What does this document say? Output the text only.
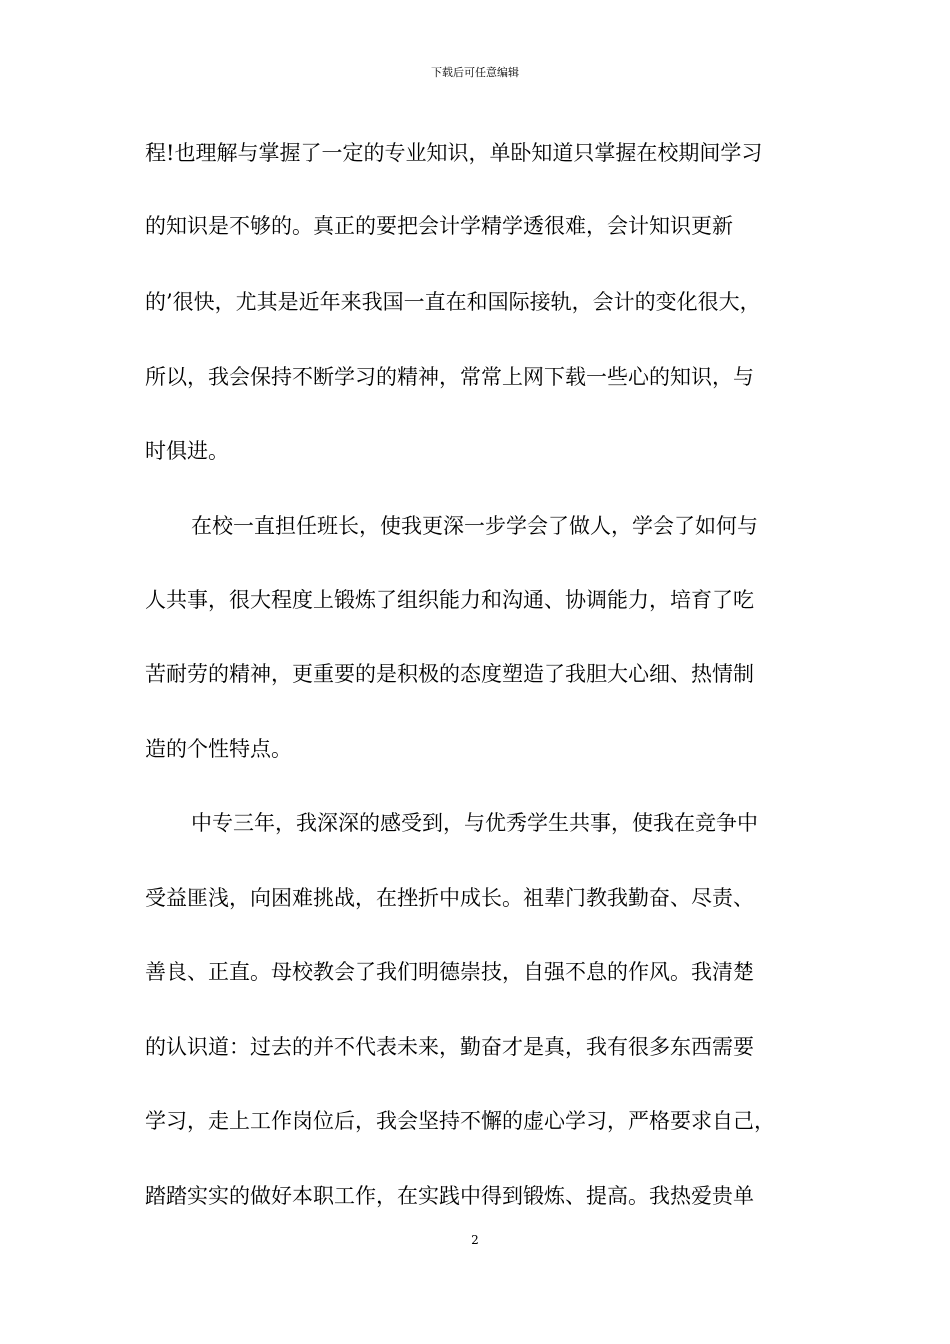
下载后可任意编辑
程!也理解与掌握了一定的专业知识，单卧知道只掌握在校期间学习
的知识是不够的。真正的要把会计学精学透很难，会计知识更新
的’很快，尤其是近年来我国一直在和国际接轨，会计的变化很大，
所以，我会保持不断学习的精神，常常上网下载一些心的知识，与
时俱进。
在校一直担任班长，使我更深一步学会了做人，学会了如何与
人共事，很大程度上锻炼了组织能力和沟通、协调能力，培育了吃
苦耐劳的精神，更重要的是积极的态度塑造了我胆大心细、热情制
造的个性特点。
中专三年，我深深的感受到，与优秀学生共事，使我在竞争中
受益匪浅，向困难挑战，在挫折中成长。祖辈门教我勤奋、尽责、
善良、正直。母校教会了我们明德崇技，自强不息的作风。我清楚
的认识道：过去的并不代表未来，勤奋才是真，我有很多东西需要
学习，走上工作岗位后，我会坚持不懈的虚心学习，严格要求自己，
踏踏实实的做好本职工作，在实践中得到锻炼、提高。我热爱贵单
2
